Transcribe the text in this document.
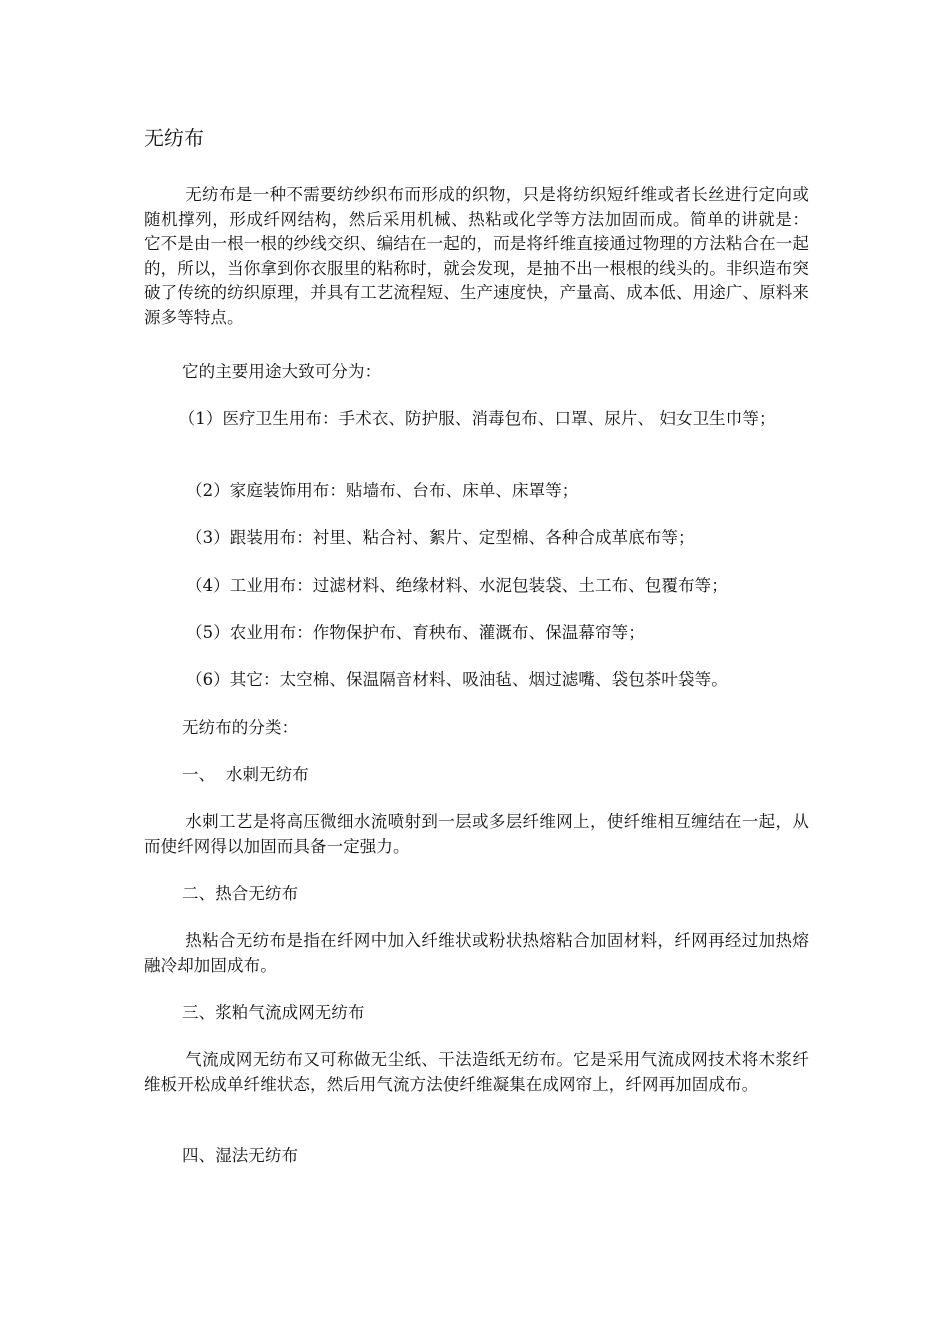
无纺布

无纺布是一种不需要纺纱织布而形成的织物，只是将纺织短纤维或者长丝进行定向或随机撑列，形成纤网结构，然后采用机械、热粘或化学等方法加固而成。简单的讲就是： 它不是由一根一根的纱线交织、编结在一起的，而是将纤维直接通过物理的方法粘合在一起的，所以，当你拿到你衣服里的粘称时，就会发现，是抽不出一根根的线头的。非织造布突破了传统的纺织原理，并具有工艺流程短、生产速度快，产量高、成本低、用途广、原料来源多等特点。

它的主要用途大致可分为：

（1）医疗卫生用布：手术衣、防护服、消毒包布、口罩、尿片、 妇女卫生巾等；

（2）家庭装饰用布：贴墙布、台布、床单、床罩等；

（3）跟装用布：衬里、粘合衬、絮片、定型棉、各种合成革底布等；

（4）工业用布：过滤材料、绝缘材料、水泥包装袋、土工布、包覆布等；

（5）农业用布：作物保护布、育秧布、灌溉布、保温幕帘等；

（6）其它：太空棉、保温隔音材料、吸油毡、烟过滤嘴、袋包茶叶袋等。

无纺布的分类：

一、  水刺无纺布

水刺工艺是将高压微细水流喷射到一层或多层纤维网上，使纤维相互缠结在一起，从而使纤网得以加固而具备一定强力。

二、热合无纺布

热粘合无纺布是指在纤网中加入纤维状或粉状热熔粘合加固材料，纤网再经过加热熔融冷却加固成布。

三、浆粕气流成网无纺布

气流成网无纺布又可称做无尘纸、干法造纸无纺布。它是采用气流成网技术将木浆纤维板开松成单纤维状态，然后用气流方法使纤维凝集在成网帘上，纤网再加固成布。

四、湿法无纺布
